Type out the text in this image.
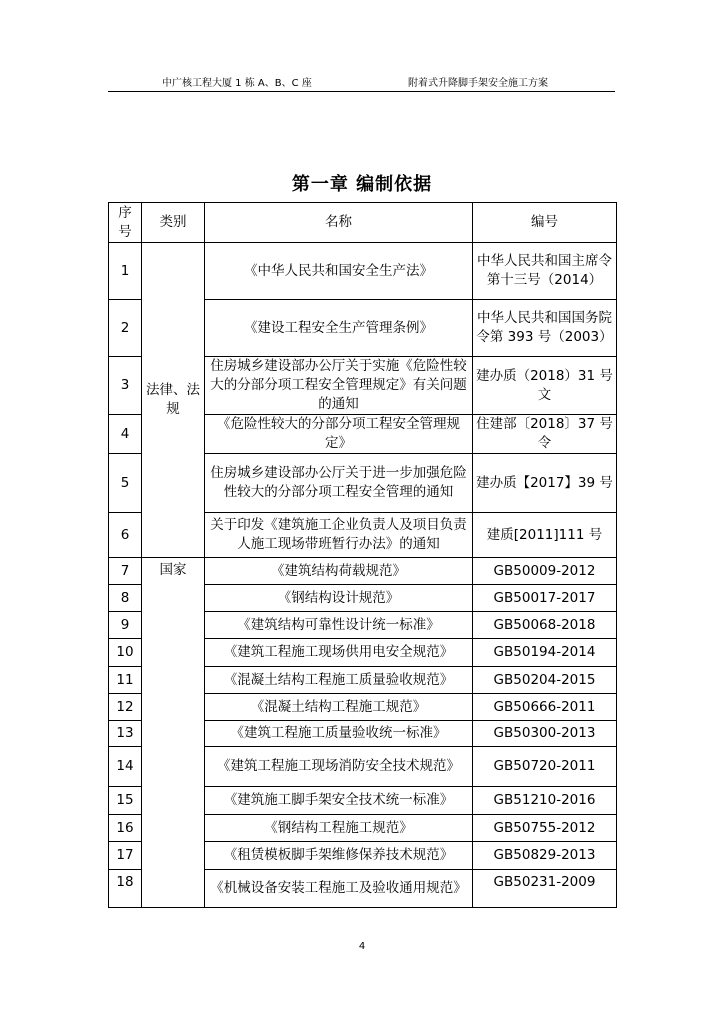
中广核工程大厦 1 栋 A、B、C 座	附着式升降脚手架安全施工方案
第一章 编制依据
序号	类别	名称	编号
1	法律、法规	《中华人民共和国安全生产法》	中华人民共和国主席令第十三号（2014）
2		《建设工程安全生产管理条例》	中华人民共和国国务院令第 393 号（2003）
3		住房城乡建设部办公厅关于实施《危险性较大的分部分项工程安全管理规定》有关问题的通知	建办质（2018）31 号文
4		《危险性较大的分部分项工程安全管理规定》	住建部〔2018〕37 号令
5		住房城乡建设部办公厅关于进一步加强危险性较大的分部分项工程安全管理的通知	建办质【2017】39 号
6		关于印发《建筑施工企业负责人及项目负责人施工现场带班暂行办法》的通知	建质[2011]111 号
7	国家	《建筑结构荷载规范》	GB50009-2012
8		《钢结构设计规范》	GB50017-2017
9		《建筑结构可靠性设计统一标准》	GB50068-2018
10		《建筑工程施工现场供用电安全规范》	GB50194-2014
11		《混凝土结构工程施工质量验收规范》	GB50204-2015
12		《混凝土结构工程施工规范》	GB50666-2011
13		《建筑工程施工质量验收统一标准》	GB50300-2013
14		《建筑工程施工现场消防安全技术规范》	GB50720-2011
15		《建筑施工脚手架安全技术统一标准》	GB51210-2016
16		《钢结构工程施工规范》	GB50755-2012
17		《租赁模板脚手架维修保养技术规范》	GB50829-2013
18		《机械设备安装工程施工及验收通用规范》	GB50231-2009
4
